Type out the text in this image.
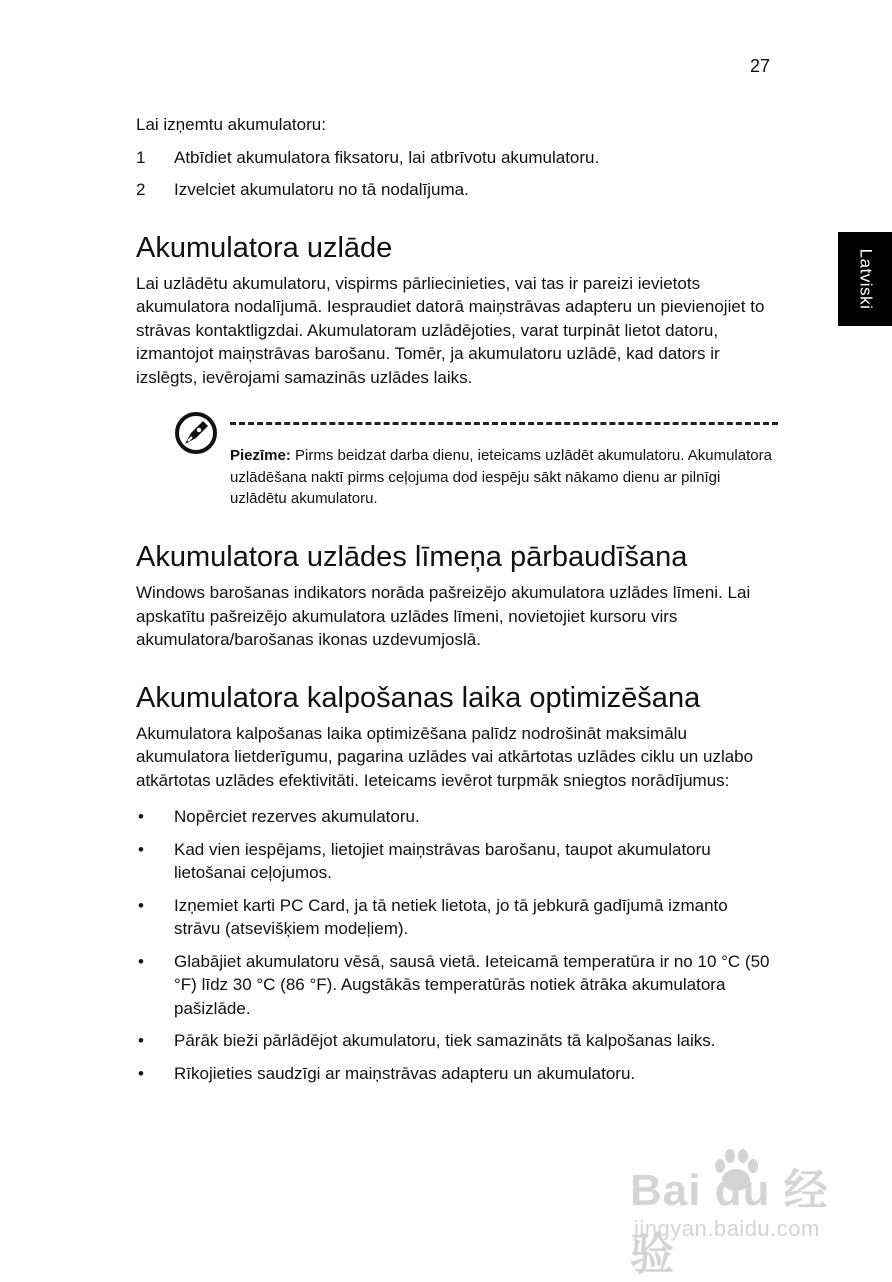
27
Latviski

Lai izņemtu akumulatoru:

1 Atbīdiet akumulatora fiksatoru, lai atbrīvotu akumulatoru.
2 Izvelciet akumulatoru no tā nodalījuma.
Akumulatora uzlāde

Lai uzlādētu akumulatoru, vispirms pārliecinieties, vai tas ir pareizi ievietots akumulatora nodalījumā. Iespraudiet datorā maiņstrāvas adapteru un pievienojiet to strāvas kontaktligzdai. Akumulatoram uzlādējoties, varat turpināt lietot datoru, izmantojot maiņstrāvas barošanu. Tomēr, ja akumulatoru uzlādē, kad dators ir izslēgts, ievērojami samazinās uzlādes laiks.

Piezīme: Pirms beidzat darba dienu, ieteicams uzlādēt akumulatoru. Akumulatora uzlādēšana naktī pirms ceļojuma dod iespēju sākt nākamo dienu ar pilnīgi uzlādētu akumulatoru.
Akumulatora uzlādes līmeņa pārbaudīšana

Windows barošanas indikators norāda pašreizējo akumulatora uzlādes līmeni. Lai apskatītu pašreizējo akumulatora uzlādes līmeni, novietojiet kursoru virs akumulatora/barošanas ikonas uzdevumjoslā.

Akumulatora kalpošanas laika optimizēšana

Akumulatora kalpošanas laika optimizēšana palīdz nodrošināt maksimālu akumulatora lietderīgumu, pagarina uzlādes vai atkārtotas uzlādes ciklu un uzlabo atkārtotas uzlādes efektivitāti. Ieteicams ievērot turpmāk sniegtos norādījumus:

• Nopērciet rezerves akumulatoru.
• Kad vien iespējams, lietojiet maiņstrāvas barošanu, taupot akumulatoru lietošanai ceļojumos.
• Izņemiet karti PC Card, ja tā netiek lietota, jo tā jebkurā gadījumā izmanto strāvu (atsevišķiem modeļiem).
• Glabājiet akumulatoru vēsā, sausā vietā. Ieteicamā temperatūra ir no 10 °C (50 °F) līdz 30 °C (86 °F). Augstākās temperatūrās notiek ātrāka akumulatora pašizlāde.
• Pārāk bieži pārlādējot akumulatoru, tiek samazināts tā kalpošanas laiks.
• Rīkojieties saudzīgi ar maiņstrāvas adapteru un akumulatoru.
Bai du 经验
jingyan.baidu.com
